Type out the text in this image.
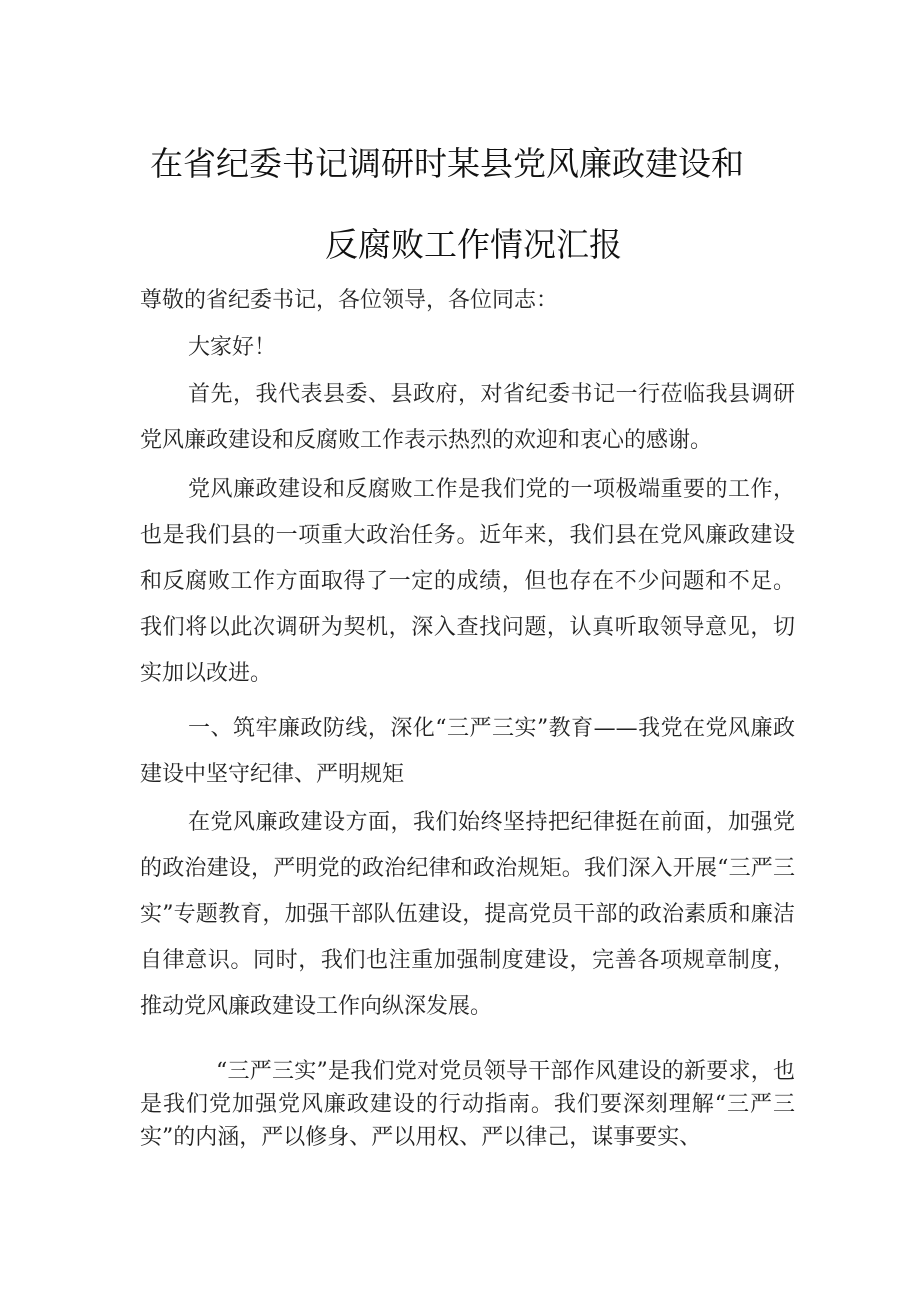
在省纪委书记调研时某县党风廉政建设和
反腐败工作情况汇报
尊敬的省纪委书记，各位领导，各位同志：
大家好！
首先，我代表县委、县政府，对省纪委书记一行莅临我县调研党风廉政建设和反腐败工作表示热烈的欢迎和衷心的感谢。
党风廉政建设和反腐败工作是我们党的一项极端重要的工作，也是我们县的一项重大政治任务。近年来，我们县在党风廉政建设和反腐败工作方面取得了一定的成绩，但也存在不少问题和不足。我们将以此次调研为契机，深入查找问题，认真听取领导意见，切实加以改进。
一、筑牢廉政防线，深化“三严三实”教育——我党在党风廉政建设中坚守纪律、严明规矩
在党风廉政建设方面，我们始终坚持把纪律挺在前面，加强党的政治建设，严明党的政治纪律和政治规矩。我们深入开展“三严三实”专题教育，加强干部队伍建设，提高党员干部的政治素质和廉洁自律意识。同时，我们也注重加强制度建设，完善各项规章制度，推动党风廉政建设工作向纵深发展。
“三严三实”是我们党对党员领导干部作风建设的新要求，也是我们党加强党风廉政建设的行动指南。我们要深刻理解“三严三实”的内涵，严以修身、严以用权、严以律己，谋事要实、
